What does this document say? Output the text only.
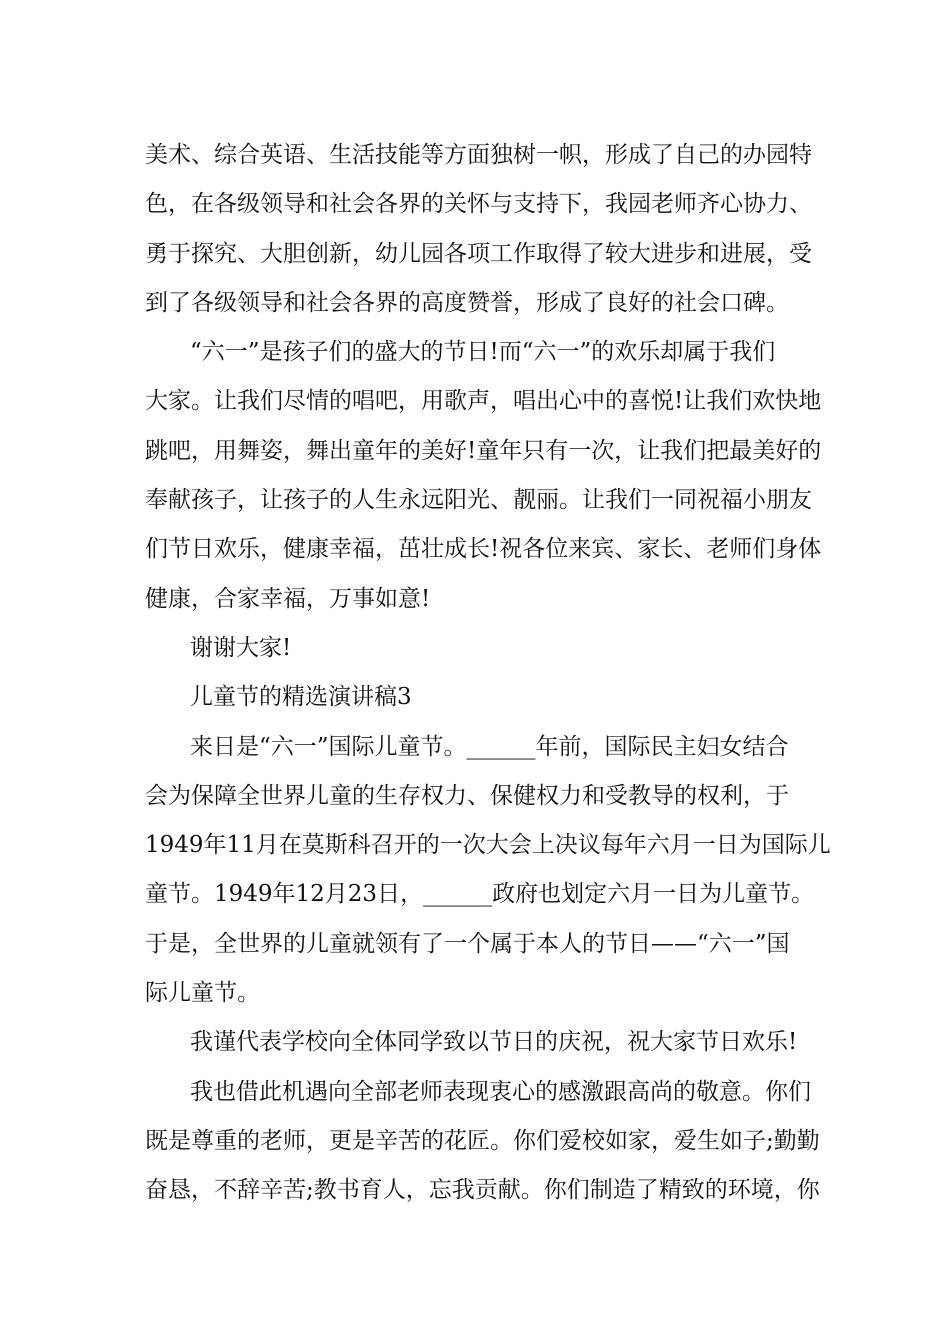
美术、综合英语、生活技能等方面独树一帜，形成了自己的办园特
色，在各级领导和社会各界的关怀与支持下，我园老师齐心协力、
勇于探究、大胆创新，幼儿园各项工作取得了较大进步和进展，受
到了各级领导和社会各界的高度赞誉，形成了良好的社会口碑。
“六一”是孩子们的盛大的节日!而“六一”的欢乐却属于我们
大家。让我们尽情的唱吧，用歌声，唱出心中的喜悦!让我们欢快地
跳吧，用舞姿，舞出童年的美好!童年只有一次，让我们把最美好的
奉献孩子，让孩子的人生永远阳光、靓丽。让我们一同祝福小朋友
们节日欢乐，健康幸福，茁壮成长!祝各位来宾、家长、老师们身体
健康，合家幸福，万事如意!
谢谢大家!
儿童节的精选演讲稿3
来日是“六一”国际儿童节。______年前，国际民主妇女结合
会为保障全世界儿童的生存权力、保健权力和受教导的权利，于
1949年11月在莫斯科召开的一次大会上决议每年六月一日为国际儿
童节。1949年12月23日，______政府也划定六月一日为儿童节。
于是，全世界的儿童就领有了一个属于本人的节日——“六一”国
际儿童节。
我谨代表学校向全体同学致以节日的庆祝，祝大家节日欢乐!
我也借此机遇向全部老师表现衷心的感激跟高尚的敬意。你们
既是尊重的老师，更是辛苦的花匠。你们爱校如家，爱生如子;勤勤
奋恳，不辞辛苦;教书育人，忘我贡献。你们制造了精致的环境，你
